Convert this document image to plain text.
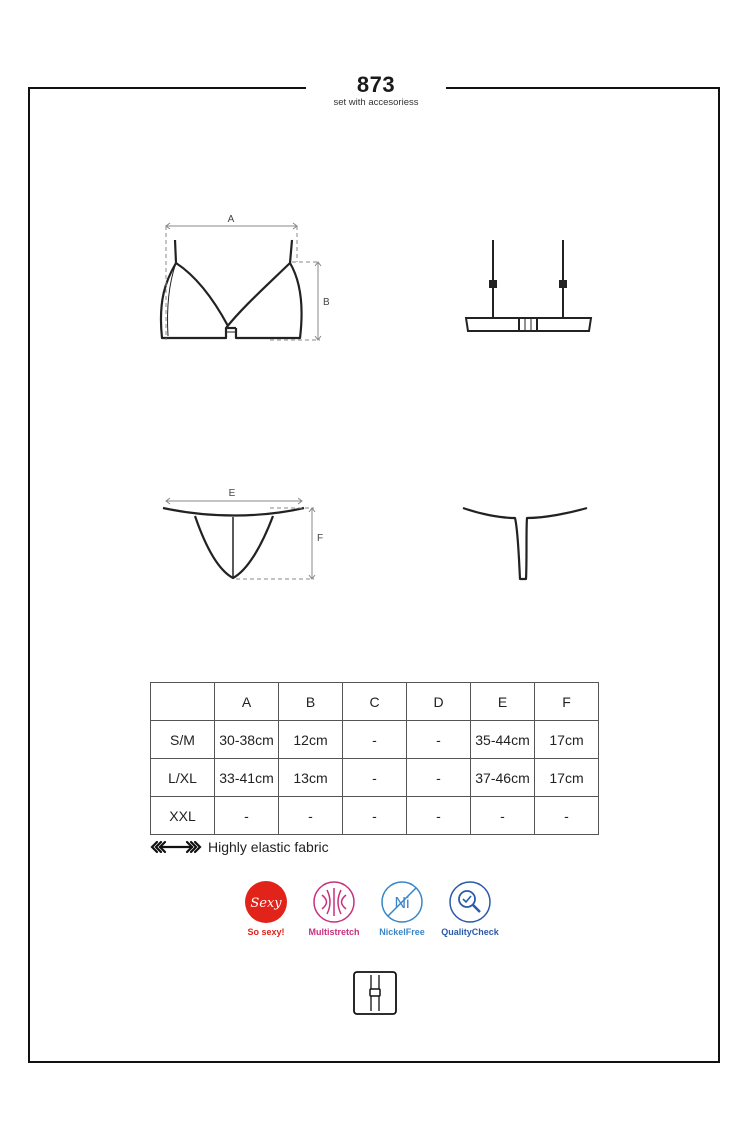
873
set with accesoriess
A
B
E
F
	A	B	C	D	E	F
S/M	30-38cm	12cm	-	-	35-44cm	17cm
L/XL	33-41cm	13cm	-	-	37-46cm	17cm
XXL	-	-	-	-	-	-
Highly elastic fabric
Sexy
So sexy!	Multistretch
Ni
NickelFree QualityCheck
